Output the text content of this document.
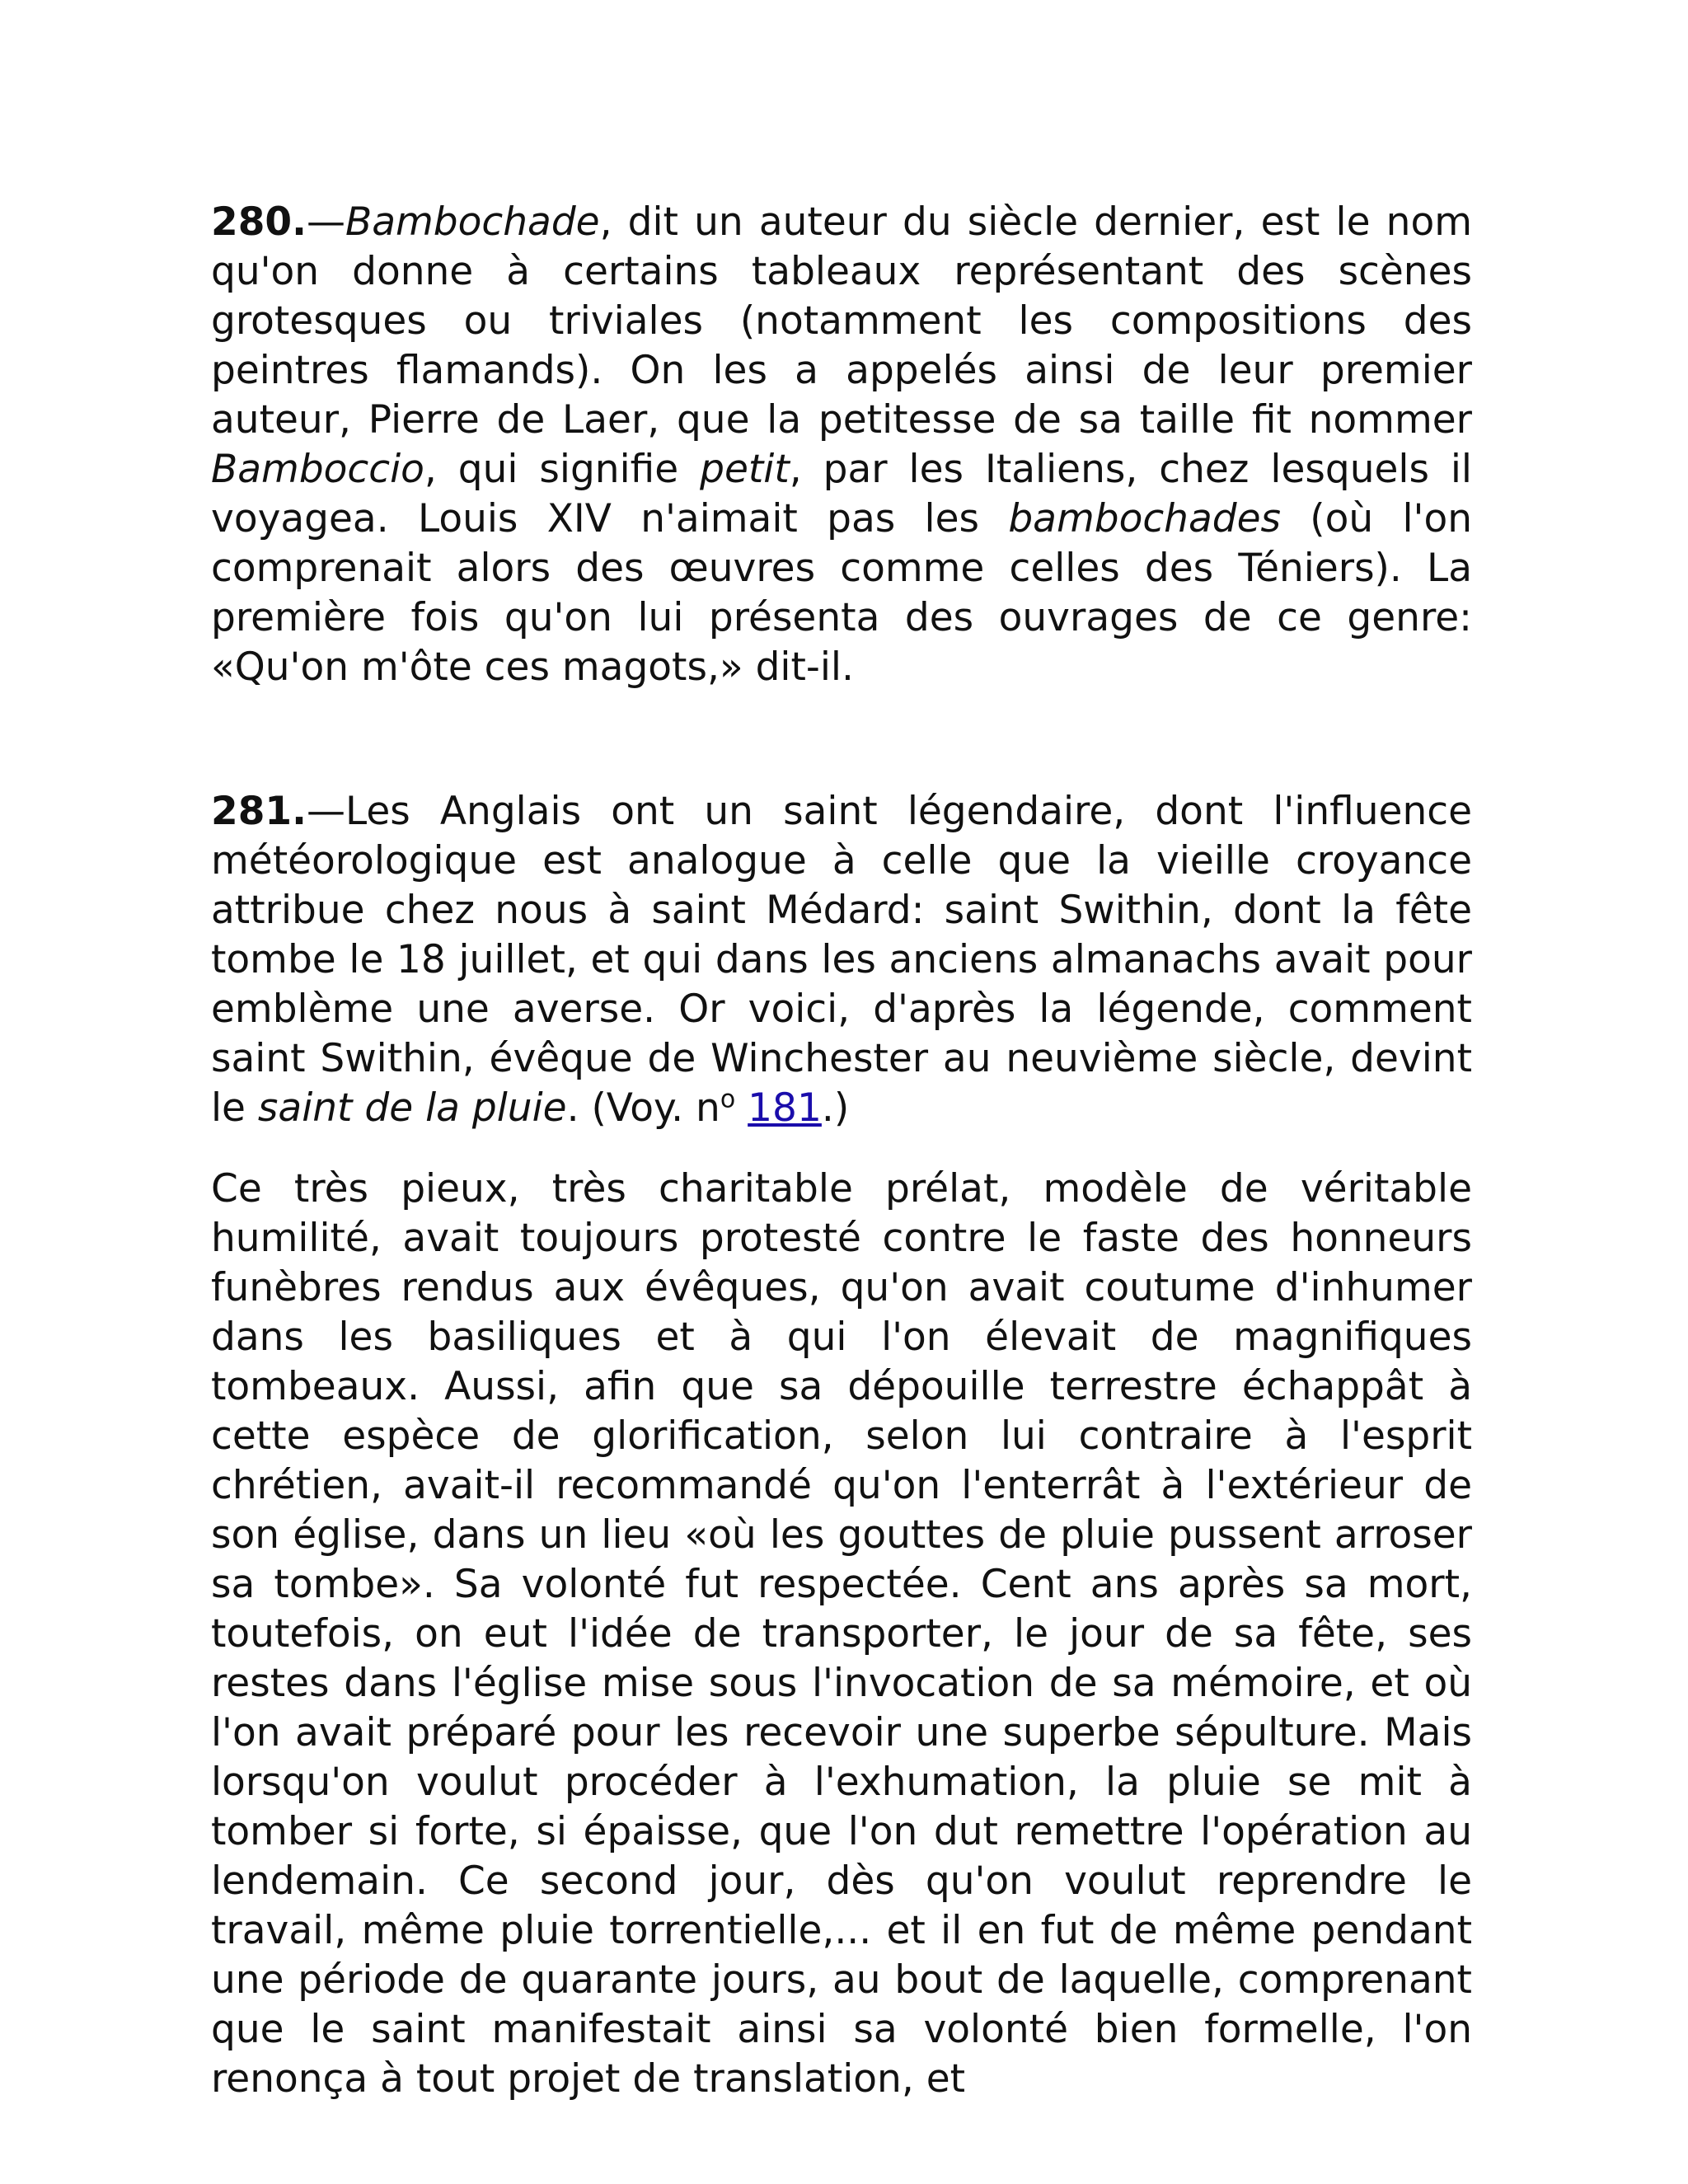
280.—Bambochade, dit un auteur du siècle dernier, est le nom qu'on donne à certains tableaux représentant des scènes grotesques ou triviales (notamment les compositions des peintres flamands). On les a appelés ainsi de leur premier auteur, Pierre de Laer, que la petitesse de sa taille fit nommer Bamboccio, qui signifie petit, par les Italiens, chez lesquels il voyagea. Louis XIV n'aimait pas les bambochades (où l'on comprenait alors des œuvres comme celles des Téniers). La première fois qu'on lui présenta des ouvrages de ce genre: «Qu'on m'ôte ces magots,» dit-il.

281.—Les Anglais ont un saint légendaire, dont l'influence météorologique est analogue à celle que la vieille croyance attribue chez nous à saint Médard: saint Swithin, dont la fête tombe le 18 juillet, et qui dans les anciens almanachs avait pour emblème une averse. Or voici, d'après la légende, comment saint Swithin, évêque de Winchester au neuvième siècle, devint le saint de la pluie. (Voy. $n^o$ 181.)

Ce très pieux, très charitable prélat, modèle de véritable humilité, avait toujours protesté contre le faste des honneurs funèbres rendus aux évêques, qu'on avait coutume d'inhumer dans les basiliques et à qui l'on élevait de magnifiques tombeaux. Aussi, afin que sa dépouille terrestre échappât à cette espèce de glorification, selon lui contraire à l'esprit chrétien, avait-il recommandé qu'on l'enterrât à l'extérieur de son église, dans un lieu «où les gouttes de pluie pussent arroser sa tombe». Sa volonté fut respectée. Cent ans après sa mort, toutefois, on eut l'idée de transporter, le jour de sa fête, ses restes dans l'église mise sous l'invocation de sa mémoire, et où l'on avait préparé pour les recevoir une superbe sépulture. Mais lorsqu'on voulut procéder à l'exhumation, la pluie se mit à tomber si forte, si épaisse, que l'on dut remettre l'opération au lendemain. Ce second jour, dès qu'on voulut reprendre le travail, même pluie torrentielle,... et il en fut de même pendant une période de quarante jours, au bout de laquelle, comprenant que le saint manifestait ainsi sa volonté bien formelle, l'on renonça à tout projet de translation, et
